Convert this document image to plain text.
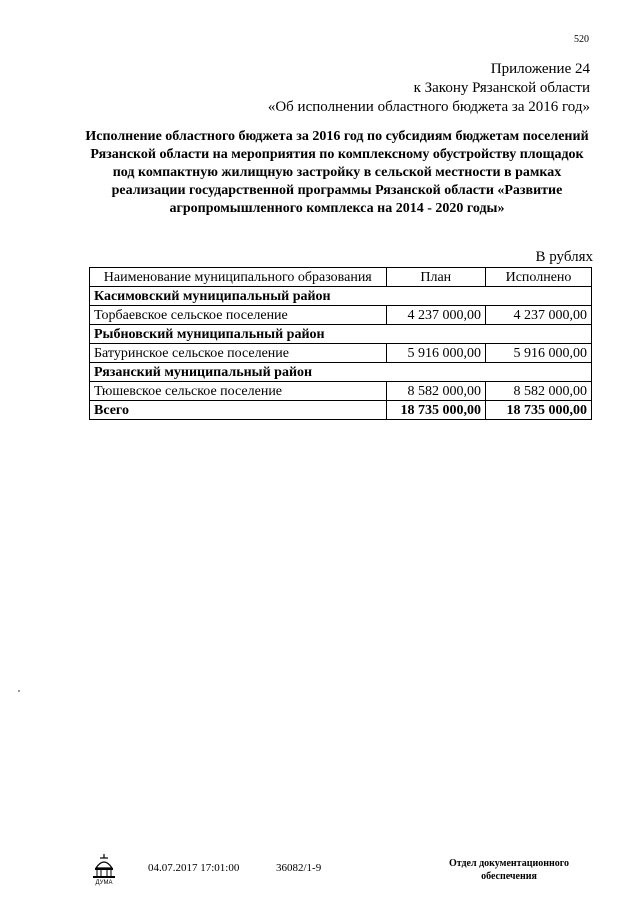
520
Приложение 24
к Закону Рязанской области
«Об исполнении областного бюджета за 2016 год»
Исполнение областного бюджета за 2016 год по субсидиям бюджетам поселений Рязанской области на мероприятия по комплексному обустройству площадок под компактную жилищную застройку в сельской местности в рамках реализации государственной программы Рязанской области «Развитие агропромышленного комплекса на 2014 - 2020 годы»
В рублях
Наименование муниципального образования	План	Исполнено
Касимовский муниципальный район		
Торбаевское сельское поселение	4 237 000,00	4 237 000,00
Рыбновский муниципальный район		
Батуринское сельское поселение	5 916 000,00	5 916 000,00
Рязанский муниципальный район		
Тюшевское сельское поселение	8 582 000,00	8 582 000,00
Всего	18 735 000,00	18 735 000,00
ДУМА
04.07.2017 17:01:00	36082/1-9	Отдел документационного обеспечения
